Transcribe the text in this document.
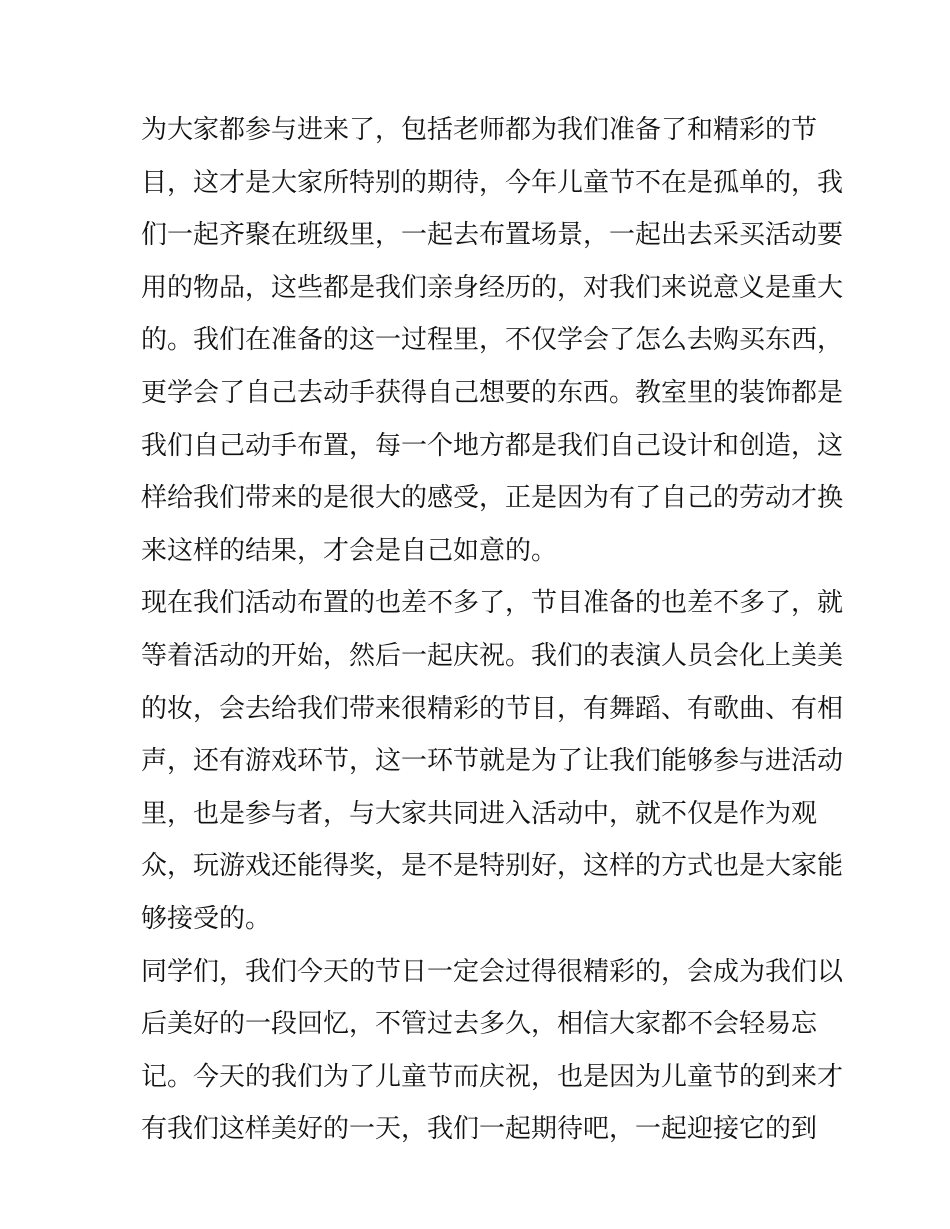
为大家都参与进来了，包括老师都为我们准备了和精彩的节
目，这才是大家所特别的期待，今年儿童节不在是孤单的，我
们一起齐聚在班级里，一起去布置场景，一起出去采买活动要
用的物品，这些都是我们亲身经历的，对我们来说意义是重大
的。我们在准备的这一过程里，不仅学会了怎么去购买东西，
更学会了自己去动手获得自己想要的东西。教室里的装饰都是
我们自己动手布置，每一个地方都是我们自己设计和创造，这
样给我们带来的是很大的感受，正是因为有了自己的劳动才换
来这样的结果，才会是自己如意的。
现在我们活动布置的也差不多了，节目准备的也差不多了，就
等着活动的开始，然后一起庆祝。我们的表演人员会化上美美
的妆，会去给我们带来很精彩的节目，有舞蹈、有歌曲、有相
声，还有游戏环节，这一环节就是为了让我们能够参与进活动
里，也是参与者，与大家共同进入活动中，就不仅是作为观
众，玩游戏还能得奖，是不是特别好，这样的方式也是大家能
够接受的。
同学们，我们今天的节日一定会过得很精彩的，会成为我们以
后美好的一段回忆，不管过去多久，相信大家都不会轻易忘
记。今天的我们为了儿童节而庆祝，也是因为儿童节的到来才
有我们这样美好的一天，我们一起期待吧，一起迎接它的到
